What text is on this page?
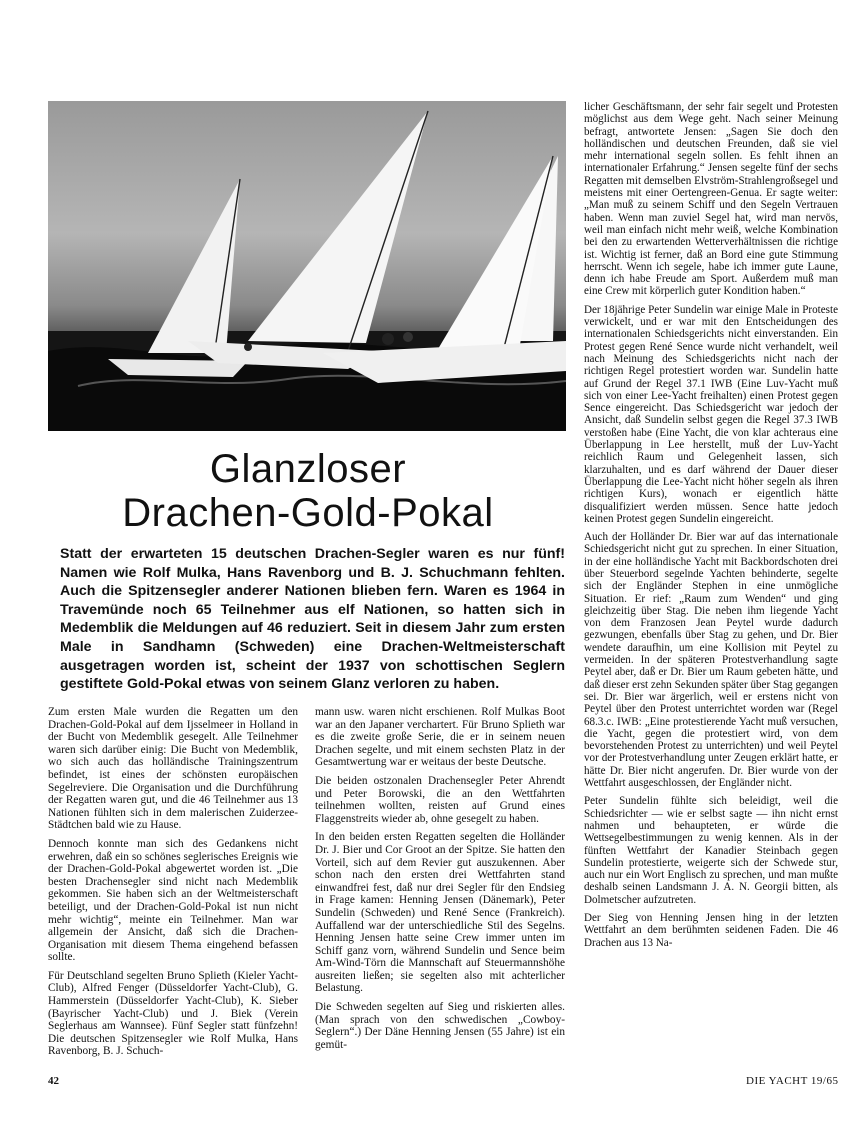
Glanzloser
Drachen-Gold-Pokal

Statt der erwarteten 15 deutschen Drachen-Segler waren es nur fünf! Namen wie Rolf Mulka, Hans Ravenborg und B. J. Schuchmann fehlten. Auch die Spitzensegler anderer Nationen blieben fern. Waren es 1964 in Travemünde noch 65 Teilnehmer aus elf Nationen, so hatten sich in Medemblik die Meldungen auf 46 reduziert. Seit in diesem Jahr zum ersten Male in Sandhamn (Schweden) eine Drachen-Weltmeisterschaft ausgetragen worden ist, scheint der 1937 von schottischen Seglern gestiftete Gold-Pokal etwas von seinem Glanz verloren zu haben.

Zum ersten Male wurden die Regatten um den Drachen-Gold-Pokal auf dem Ijsselmeer in Holland in der Bucht von Medemblik gesegelt. Alle Teilnehmer waren sich darüber einig: Die Bucht von Medemblik, wo sich auch das holländische Trainingszentrum befindet, ist eines der schönsten europäischen Segelreviere. Die Organisation und die Durchführung der Regatten waren gut, und die 46 Teilnehmer aus 13 Nationen fühlten sich in dem malerischen Zuiderzee-Städtchen bald wie zu Hause.

Dennoch konnte man sich des Gedankens nicht erwehren, daß ein so schönes seglerisches Ereignis wie der Drachen-Gold-Pokal abgewertet worden ist. „Die besten Drachensegler sind nicht nach Medemblik gekommen. Sie haben sich an der Weltmeisterschaft beteiligt, und der Drachen-Gold-Pokal ist nun nicht mehr wichtig“, meinte ein Teilnehmer. Man war allgemein der Ansicht, daß sich die Drachen-Organisation mit diesem Thema eingehend befassen sollte.

Für Deutschland segelten Bruno Splieth (Kieler Yacht-Club), Alfred Fenger (Düsseldorfer Yacht-Club), G. Hammerstein (Düsseldorfer Yacht-Club), K. Sieber (Bayrischer Yacht-Club) und J. Biek (Verein Seglerhaus am Wannsee). Fünf Segler statt fünfzehn! Die deutschen Spitzensegler wie Rolf Mulka, Hans Ravenborg, B. J. Schuch-

mann usw. waren nicht erschienen. Rolf Mulkas Boot war an den Japaner verchartert. Für Bruno Splieth war es die zweite große Serie, die er in seinem neuen Drachen segelte, und mit einem sechsten Platz in der Gesamtwertung war er weitaus der beste Deutsche.

Die beiden ostzonalen Drachensegler Peter Ahrendt und Peter Borowski, die an den Wettfahrten teilnehmen wollten, reisten auf Grund eines Flaggenstreits wieder ab, ohne gesegelt zu haben.

In den beiden ersten Regatten segelten die Holländer Dr. J. Bier und Cor Groot an der Spitze. Sie hatten den Vorteil, sich auf dem Revier gut auszukennen. Aber schon nach den ersten drei Wettfahrten stand einwandfrei fest, daß nur drei Segler für den Endsieg in Frage kamen: Henning Jensen (Dänemark), Peter Sundelin (Schweden) und René Sence (Frankreich). Auffallend war der unterschiedliche Stil des Segelns. Henning Jensen hatte seine Crew immer unten im Schiff ganz vorn, während Sundelin und Sence beim Am-Wind-Törn die Mannschaft auf Steuermannshöhe ausreiten ließen; sie segelten also mit achterlicher Belastung.

Die Schweden segelten auf Sieg und riskierten alles. (Man sprach von den schwedischen „Cowboy-Seglern“.) Der Däne Henning Jensen (55 Jahre) ist ein gemüt-

licher Geschäftsmann, der sehr fair segelt und Protesten möglichst aus dem Wege geht. Nach seiner Meinung befragt, antwortete Jensen: „Sagen Sie doch den holländischen und deutschen Freunden, daß sie viel mehr international segeln sollen. Es fehlt ihnen an internationaler Erfahrung.“ Jensen segelte fünf der sechs Regatten mit demselben Elvström-Strahlengroßsegel und meistens mit einer Oertengreen-Genua. Er sagte weiter: „Man muß zu seinem Schiff und den Segeln Vertrauen haben. Wenn man zuviel Segel hat, wird man nervös, weil man einfach nicht mehr weiß, welche Kombination bei den zu erwartenden Wetterverhältnissen die richtige ist. Wichtig ist ferner, daß an Bord eine gute Stimmung herrscht. Wenn ich segele, habe ich immer gute Laune, denn ich habe Freude am Sport. Außerdem muß man eine Crew mit körperlich guter Kondition haben.“

Der 18jährige Peter Sundelin war einige Male in Proteste verwickelt, und er war mit den Entscheidungen des internationalen Schiedsgerichts nicht einverstanden. Ein Protest gegen René Sence wurde nicht verhandelt, weil nach Meinung des Schiedsgerichts nicht nach der richtigen Regel protestiert worden war. Sundelin hatte auf Grund der Regel 37.1 IWB (Eine Luv-Yacht muß sich von einer Lee-Yacht freihalten) einen Protest gegen Sence eingereicht. Das Schiedsgericht war jedoch der Ansicht, daß Sundelin selbst gegen die Regel 37.3 IWB verstoßen habe (Eine Yacht, die von klar achteraus eine Überlappung in Lee herstellt, muß der Luv-Yacht reichlich Raum und Gelegenheit lassen, sich klarzuhalten, und es darf während der Dauer dieser Überlappung die Lee-Yacht nicht höher segeln als ihren richtigen Kurs), wonach er eigentlich hätte disqualifiziert werden müssen. Sence hatte jedoch keinen Protest gegen Sundelin eingereicht.

Auch der Holländer Dr. Bier war auf das internationale Schiedsgericht nicht gut zu sprechen. In einer Situation, in der eine holländische Yacht mit Backbordschoten drei über Steuerbord segelnde Yachten behinderte, segelte sich der Engländer Stephen in eine unmögliche Situation. Er rief: „Raum zum Wenden“ und ging gleichzeitig über Stag. Die neben ihm liegende Yacht von dem Franzosen Jean Peytel wurde dadurch gezwungen, ebenfalls über Stag zu gehen, und Dr. Bier wendete daraufhin, um eine Kollision mit Peytel zu vermeiden. In der späteren Protestverhandlung sagte Peytel aber, daß er Dr. Bier um Raum gebeten hätte, und daß dieser erst zehn Sekunden später über Stag gegangen sei. Dr. Bier war ärgerlich, weil er erstens nicht von Peytel über den Protest unterrichtet worden war (Regel 68.3.c. IWB: „Eine protestierende Yacht muß versuchen, die Yacht, gegen die protestiert wird, von dem bevorstehenden Protest zu unterrichten) und weil Peytel vor der Protestverhandlung unter Zeugen erklärt hatte, er hätte Dr. Bier nicht angerufen. Dr. Bier wurde von der Wettfahrt ausgeschlossen, der Engländer nicht.

Peter Sundelin fühlte sich beleidigt, weil die Schiedsrichter — wie er selbst sagte — ihn nicht ernst nahmen und behaupteten, er würde die Wettsegelbestimmungen zu wenig kennen. Als in der fünften Wettfahrt der Kanadier Steinbach gegen Sundelin protestierte, weigerte sich der Schwede stur, auch nur ein Wort Englisch zu sprechen, und man mußte deshalb seinen Landsmann J. A. N. Georgii bitten, als Dolmetscher aufzutreten.

Der Sieg von Henning Jensen hing in der letzten Wettfahrt an dem berühmten seidenen Faden. Die 46 Drachen aus 13 Na-

42	DIE YACHT 19/65
